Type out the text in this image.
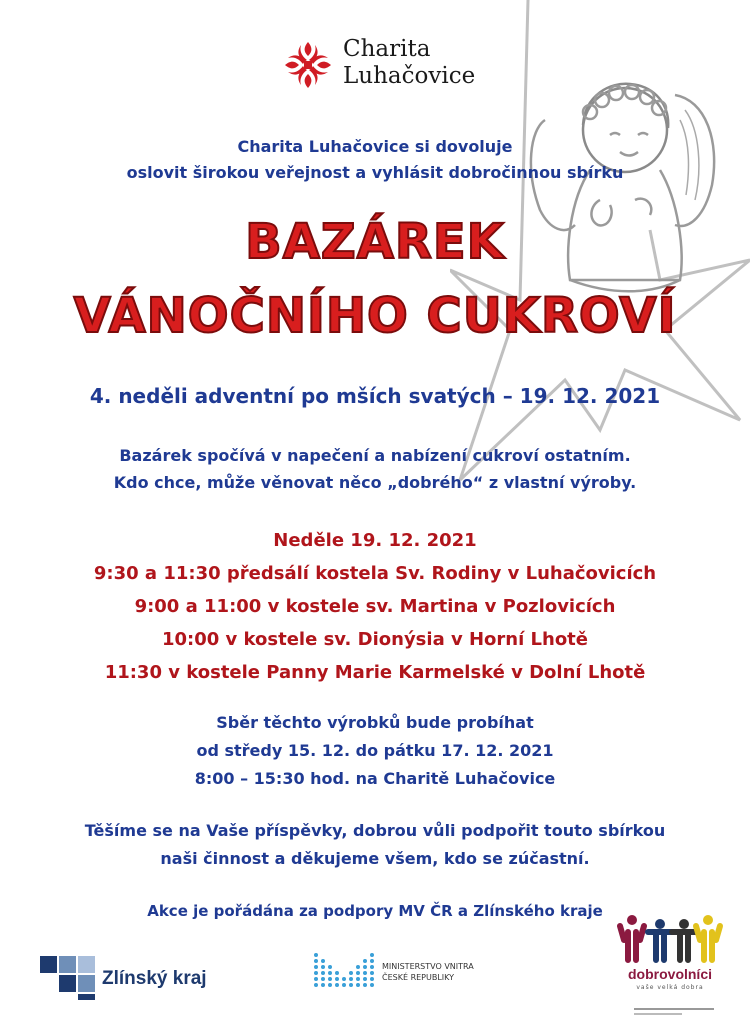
Charita
Luhačovice
Charita Luhačovice si dovoluje
oslovit širokou veřejnost a vyhlásit dobročinnou sbírku
BAZÁREK
VÁNOČNÍHO CUKROVÍ
4. neděli adventní po mších svatých – 19. 12. 2021
Bazárek spočívá v napečení a nabízení cukroví ostatním.
Kdo chce, může věnovat něco „dobrého“ z vlastní výroby.
Neděle 19. 12. 2021
9:30 a 11:30 předsálí kostela Sv. Rodiny v Luhačovicích
9:00 a 11:00 v kostele sv. Martina v Pozlovicích
10:00 v kostele sv. Dionýsia v Horní Lhotě
11:30 v kostele Panny Marie Karmelské v Dolní Lhotě
Sběr těchto výrobků bude probíhat
od středy 15. 12. do pátku 17. 12. 2021
8:00 – 15:30 hod. na Charitě Luhačovice
Těšíme se na Vaše příspěvky, dobrou vůli podpořit touto sbírkou
naši činnost a děkujeme všem, kdo se zúčastní.
Akce je pořádána za podpory MV ČR a Zlínského kraje
Zlínský kraj
MINISTERSTVO VNITRA
ČESKÉ REPUBLIKY	dobrovolníci
vaše velká dobra
